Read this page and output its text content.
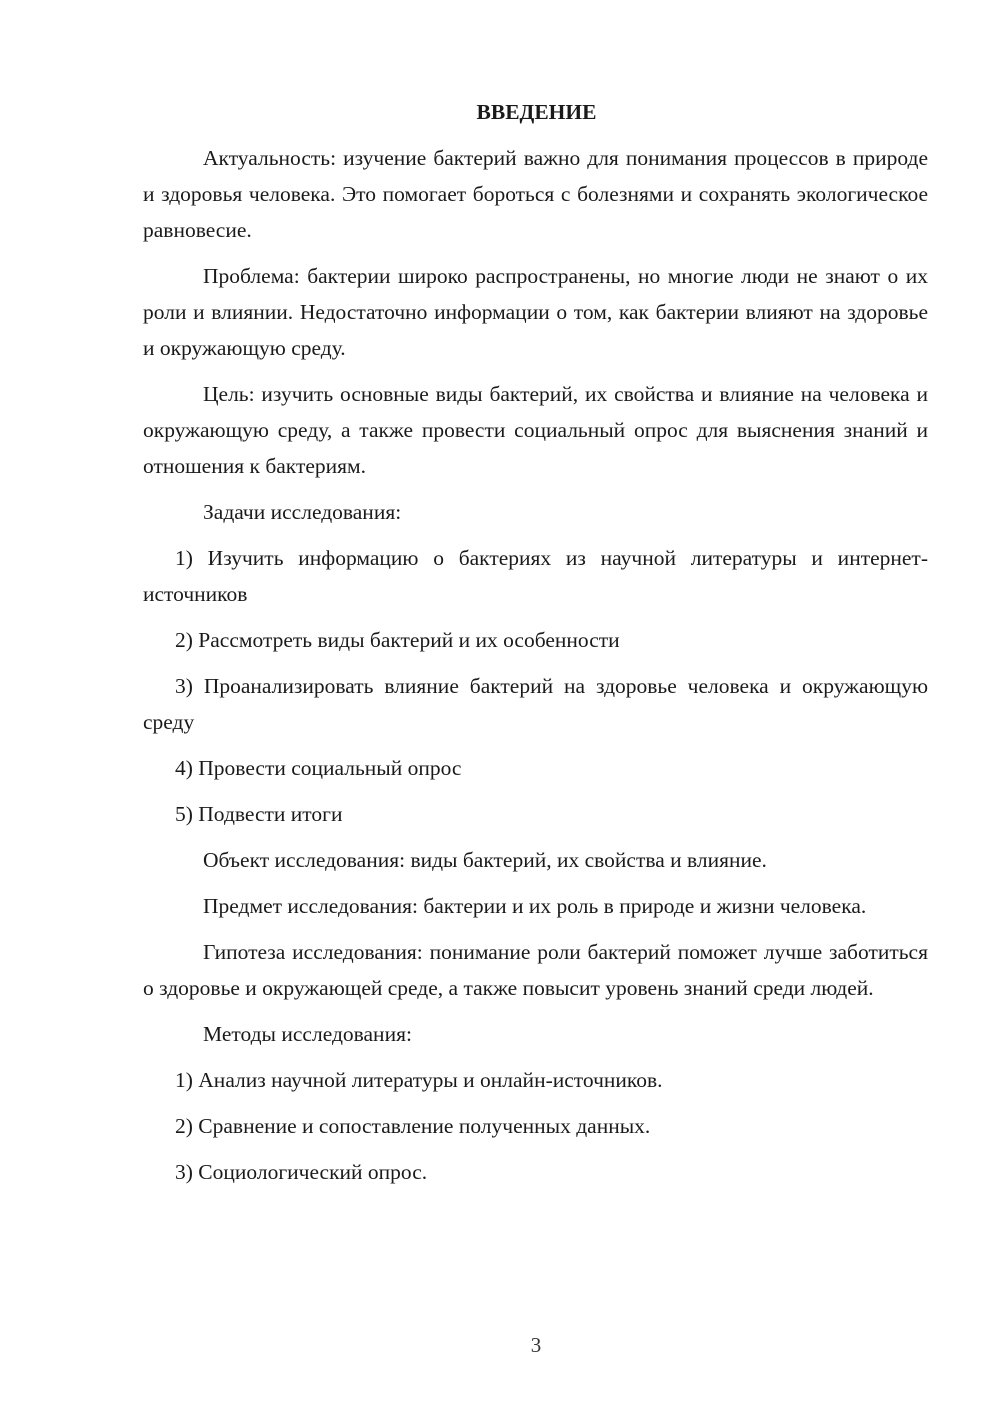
ВВЕДЕНИЕ

Актуальность: изучение бактерий важно для понимания процессов в природе и здоровья человека. Это помогает бороться с болезнями и сохранять экологическое равновесие.

Проблема: бактерии широко распространены, но многие люди не знают о их роли и влиянии. Недостаточно информации о том, как бактерии влияют на здоровье и окружающую среду.

Цель: изучить основные виды бактерий, их свойства и влияние на человека и окружающую среду, а также провести социальный опрос для выяснения знаний и отношения к бактериям.

Задачи исследования:

1) Изучить информацию о бактериях из научной литературы и интернет-источников

2) Рассмотреть виды бактерий и их особенности

3) Проанализировать влияние бактерий на здоровье человека и окружающую среду

4) Провести социальный опрос

5) Подвести итоги

Объект исследования: виды бактерий, их свойства и влияние.

Предмет исследования: бактерии и их роль в природе и жизни человека.

Гипотеза исследования: понимание роли бактерий поможет лучше заботиться о здоровье и окружающей среде, а также повысит уровень знаний среди людей.

Методы исследования:

1) Анализ научной литературы и онлайн-источников.

2) Сравнение и сопоставление полученных данных.

3) Социологический опрос.

3
